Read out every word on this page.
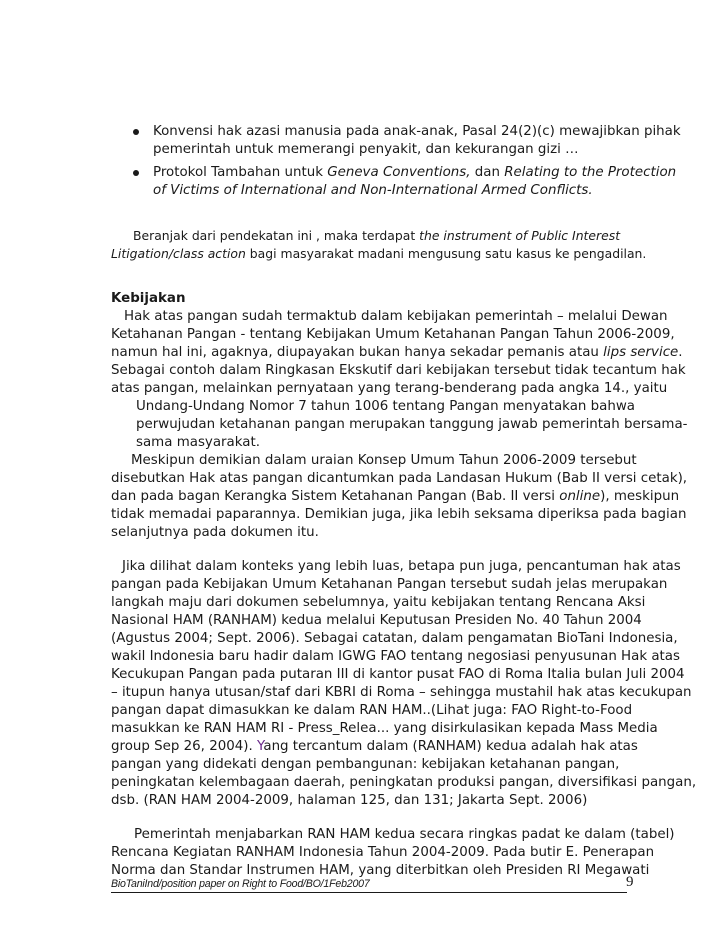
Konvensi hak azasi manusia pada anak-anak, Pasal 24(2)(c) mewajibkan pihak
pemerintah untuk memerangi penyakit, dan kekurangan gizi …
Protokol Tambahan untuk Geneva Conventions, dan Relating to the Protection
of Victims of International and Non-International Armed Conflicts.
Beranjak dari pendekatan ini , maka terdapat the instrument of Public Interest
Litigation/class action bagi masyarakat madani mengusung satu kasus ke pengadilan.
Kebijakan
Hak atas pangan sudah termaktub dalam kebijakan pemerintah – melalui Dewan
Ketahanan Pangan - tentang Kebijakan Umum Ketahanan Pangan Tahun 2006-2009,
namun hal ini, agaknya, diupayakan bukan hanya sekadar pemanis atau lips service.
Sebagai contoh dalam Ringkasan Ekskutif dari kebijakan tersebut tidak tecantum hak
atas pangan, melainkan pernyataan yang terang-benderang pada angka 14., yaitu
Undang-Undang Nomor 7 tahun 1006 tentang Pangan menyatakan bahwa
perwujudan ketahanan pangan merupakan tanggung jawab pemerintah bersama-
sama masyarakat.
Meskipun demikian dalam uraian Konsep Umum Tahun 2006-2009 tersebut
disebutkan Hak atas pangan dicantumkan pada Landasan Hukum (Bab II versi cetak),
dan pada bagan Kerangka Sistem Ketahanan Pangan (Bab. II versi online), meskipun
tidak memadai paparannya. Demikian juga, jika lebih seksama diperiksa pada bagian
selanjutnya pada dokumen itu.
Jika dilihat dalam konteks yang lebih luas, betapa pun juga, pencantuman hak atas
pangan pada Kebijakan Umum Ketahanan Pangan tersebut sudah jelas merupakan
langkah maju dari dokumen sebelumnya, yaitu kebijakan tentang Rencana Aksi
Nasional HAM (RANHAM) kedua melalui Keputusan Presiden No. 40 Tahun 2004
(Agustus 2004; Sept. 2006). Sebagai catatan, dalam pengamatan BioTani Indonesia,
wakil Indonesia baru hadir dalam IGWG FAO tentang negosiasi penyusunan Hak atas
Kecukupan Pangan pada putaran III di kantor pusat FAO di Roma Italia bulan Juli 2004
– itupun hanya utusan/staf dari KBRI di Roma – sehingga mustahil hak atas kecukupan
pangan dapat dimasukkan ke dalam RAN HAM..(Lihat juga: FAO Right-to-Food
masukkan ke RAN HAM RI - Press_Relea... yang disirkulasikan kepada Mass Media
group Sep 26, 2004). Yang tercantum dalam (RANHAM) kedua adalah hak atas
pangan yang didekati dengan pembangunan: kebijakan ketahanan pangan,
peningkatan kelembagaan daerah, peningkatan produksi pangan, diversifikasi pangan,
dsb. (RAN HAM 2004-2009, halaman 125, dan 131; Jakarta Sept. 2006)
Pemerintah menjabarkan RAN HAM kedua secara ringkas padat ke dalam (tabel)
Rencana Kegiatan RANHAM Indonesia Tahun 2004-2009. Pada butir E. Penerapan
Norma dan Standar Instrumen HAM, yang diterbitkan oleh Presiden RI Megawati
BioTaniInd/position paper on Right to Food/BO/1Feb2007	9
